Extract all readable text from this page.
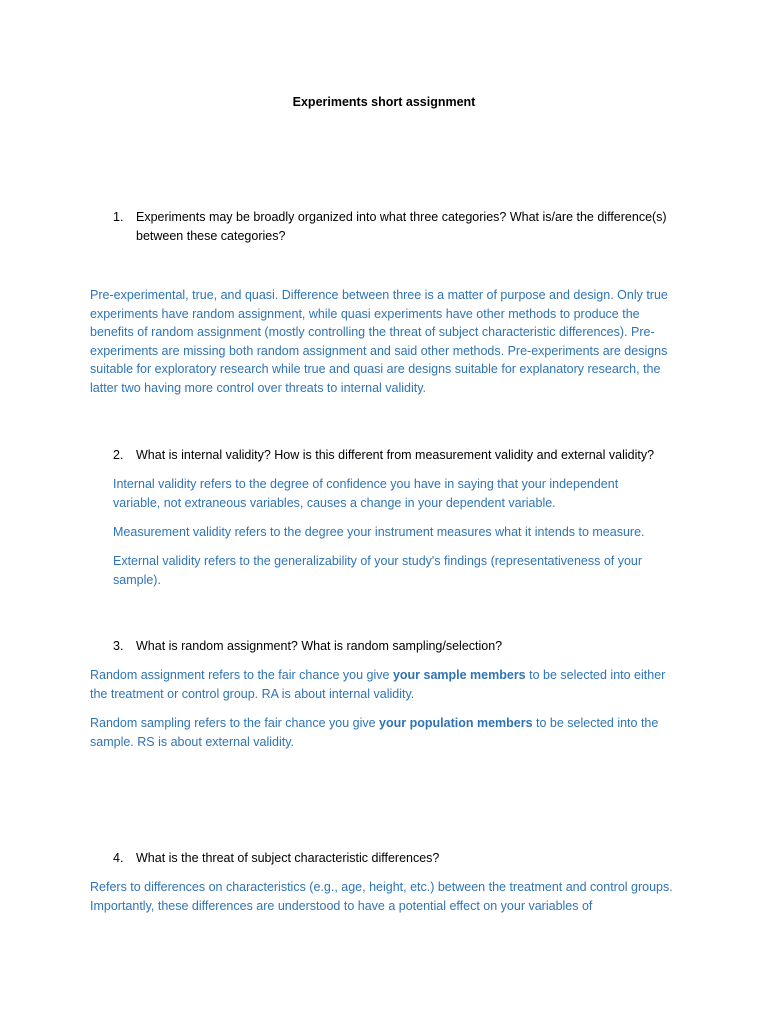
Experiments short assignment
1.	Experiments may be broadly organized into what three categories? What is/are the difference(s) between these categories?

Pre-experimental, true, and quasi. Difference between three is a matter of purpose and design. Only true experiments have random assignment, while quasi experiments have other methods to produce the benefits of random assignment (mostly controlling the threat of subject characteristic differences). Pre-experiments are missing both random assignment and said other methods. Pre-experiments are designs suitable for exploratory research while true and quasi are designs suitable for explanatory research, the latter two having more control over threats to internal validity.

2.	What is internal validity? How is this different from measurement validity and external validity?

Internal validity refers to the degree of confidence you have in saying that your independent variable, not extraneous variables, causes a change in your dependent variable.

Measurement validity refers to the degree your instrument measures what it intends to measure.

External validity refers to the generalizability of your study's findings (representativeness of your sample).

3.	What is random assignment? What is random sampling/selection?

Random assignment refers to the fair chance you give your sample members to be selected into either the treatment or control group. RA is about internal validity.

Random sampling refers to the fair chance you give your population members to be selected into the sample. RS is about external validity.

4.	What is the threat of subject characteristic differences?

Refers to differences on characteristics (e.g., age, height, etc.) between the treatment and control groups. Importantly, these differences are understood to have a potential effect on your variables of
